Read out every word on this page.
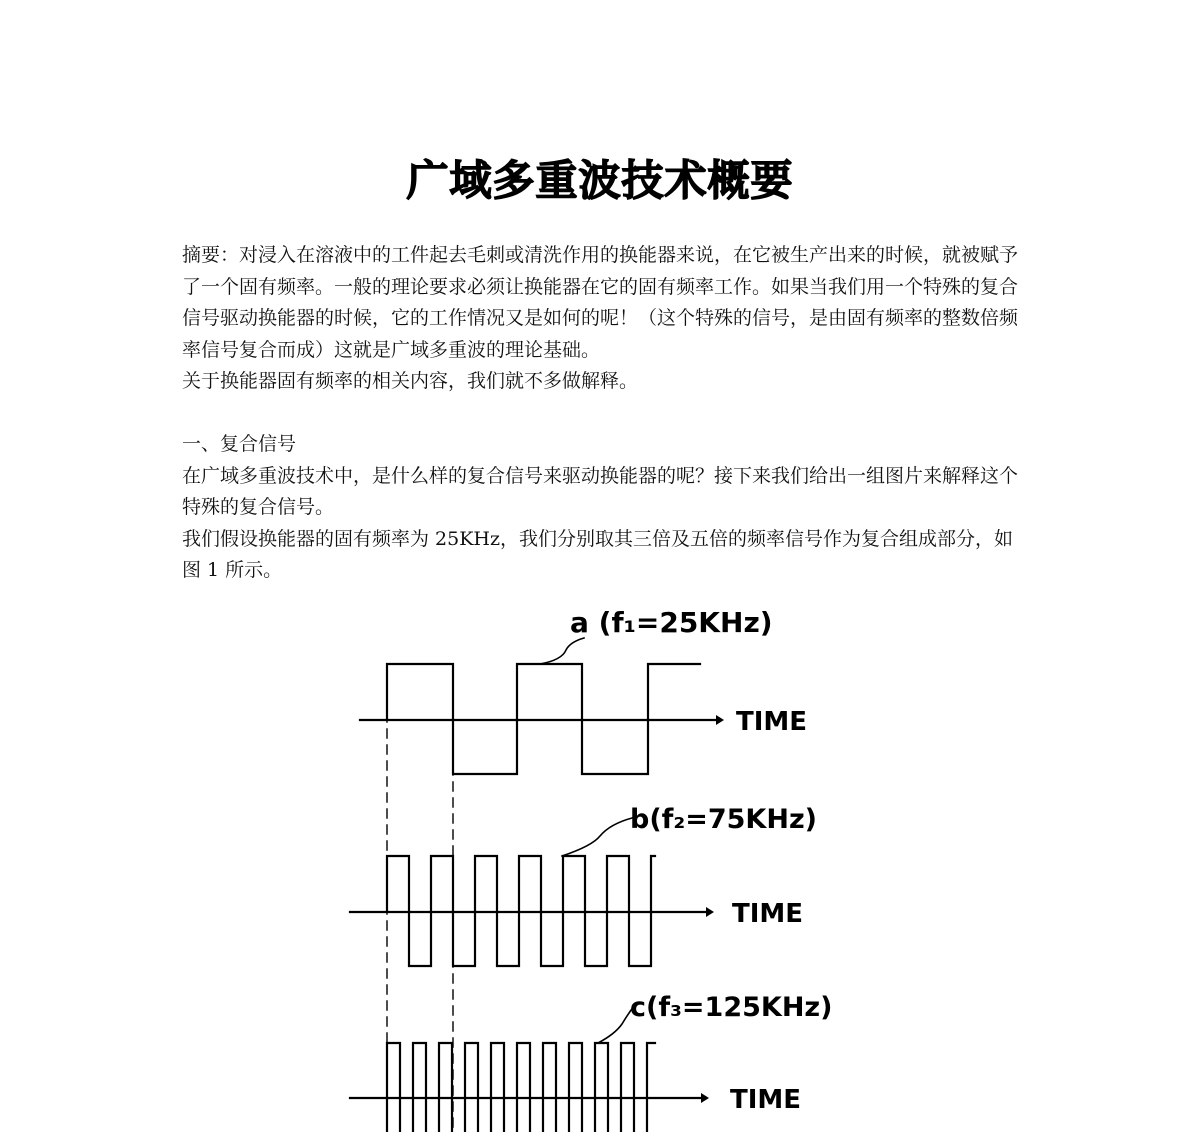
广域多重波技术概要

摘要：对浸入在溶液中的工件起去毛刺或清洗作用的换能器来说，在它被生产出来的时候，就被赋予了一个固有频率。一般的理论要求必须让换能器在它的固有频率工作。如果当我们用一个特殊的复合信号驱动换能器的时候，它的工作情况又是如何的呢！（这个特殊的信号，是由固有频率的整数倍频率信号复合而成）这就是广域多重波的理论基础。

关于换能器固有频率的相关内容，我们就不多做解释。

一、复合信号

在广域多重波技术中，是什么样的复合信号来驱动换能器的呢？接下来我们给出一组图片来解释这个特殊的复合信号。

我们假设换能器的固有频率为 25KHz，我们分别取其三倍及五倍的频率信号作为复合组成部分，如图 1 所示。

a (f₁=25KHz)
TIME
b(f₂=75KHz)
TIME
c(f₃=125KHz)
TIME
